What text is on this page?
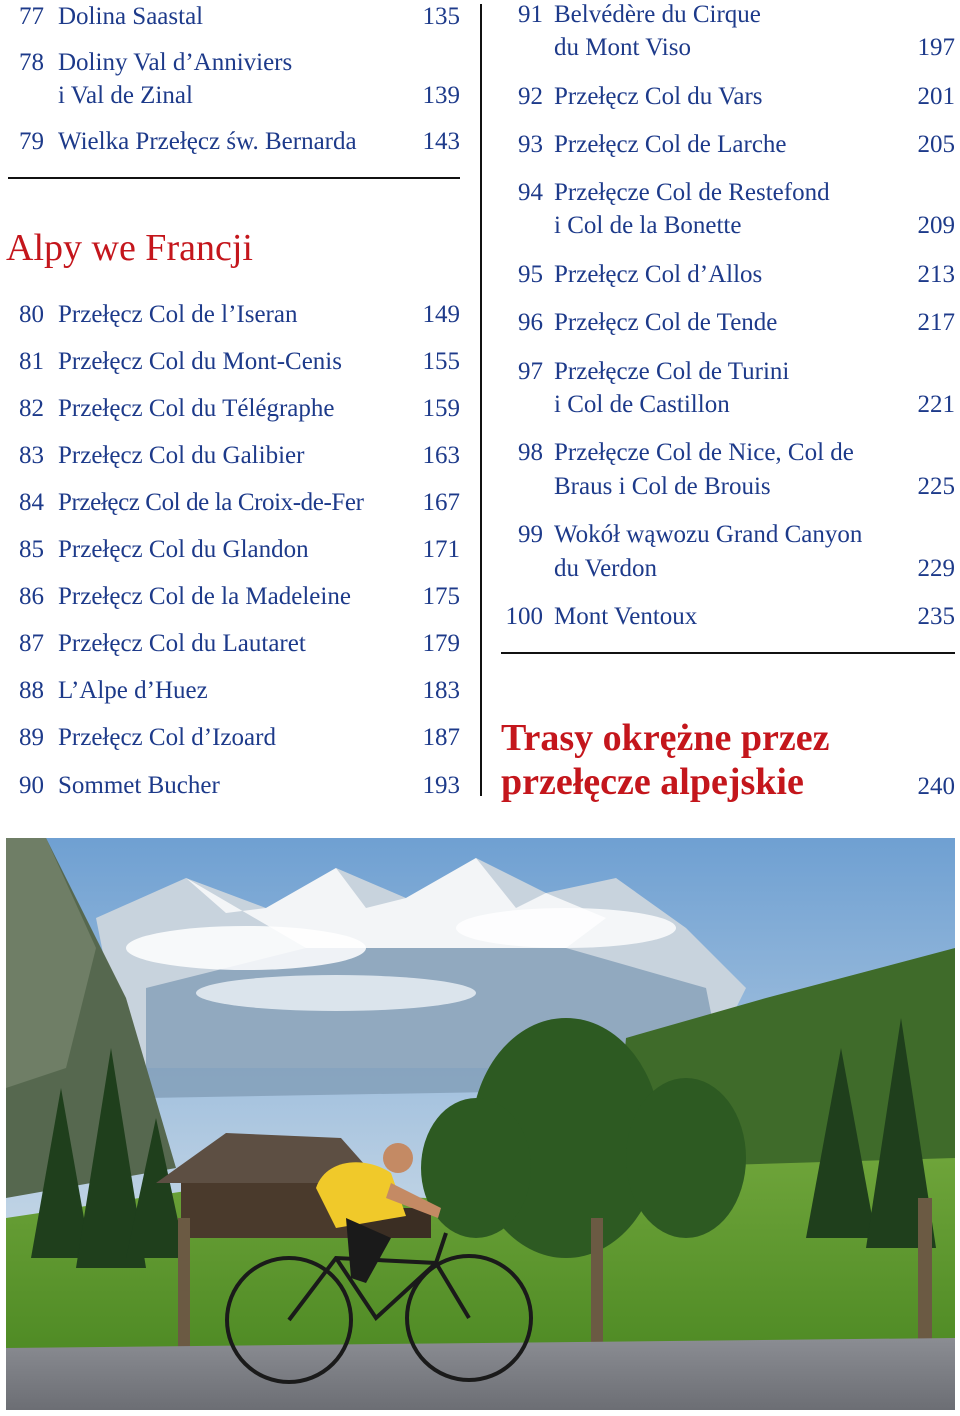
77 Dolina Saastal	135
78 Doliny Val d’Anniviers
i Val de Zinal	139
79 Wielka Przełęcz św. Bernarda	143
Alpy we Francji
80 Przełęcz Col de l’Iseran	149
81 Przełęcz Col du Mont-Cenis	155
82 Przełęcz Col du Télégraphe	159
83 Przełęcz Col du Galibier	163
84 Przełęcz Col de la Croix-de-Fer 167
85 Przełęcz Col du Glandon	171
86 Przełęcz Col de la Madeleine	175
87 Przełęcz Col du Lautaret	179
88 L’Alpe d’Huez	183
89 Przełęcz Col d’Izoard	187
90 Sommet Bucher	193
91 Belvédère du Cirque
du Mont Viso	197
92 Przełęcz Col du Vars	201
93 Przełęcz Col de Larche	205
94 Przełęcze Col de Restefond
i Col de la Bonette	209
95 Przełęcz Col d’Allos	213
96 Przełęcz Col de Tende	217
97 Przełęcze Col de Turini
i Col de Castillon	221
98 Przełęcze Col de Nice, Col de
Braus i Col de Brouis	225
99 Wokół wąwozu Grand Canyon
du Verdon	229
100 Mont Ventoux	235
Trasy okrężne przez
przełęcze alpejskie	240
